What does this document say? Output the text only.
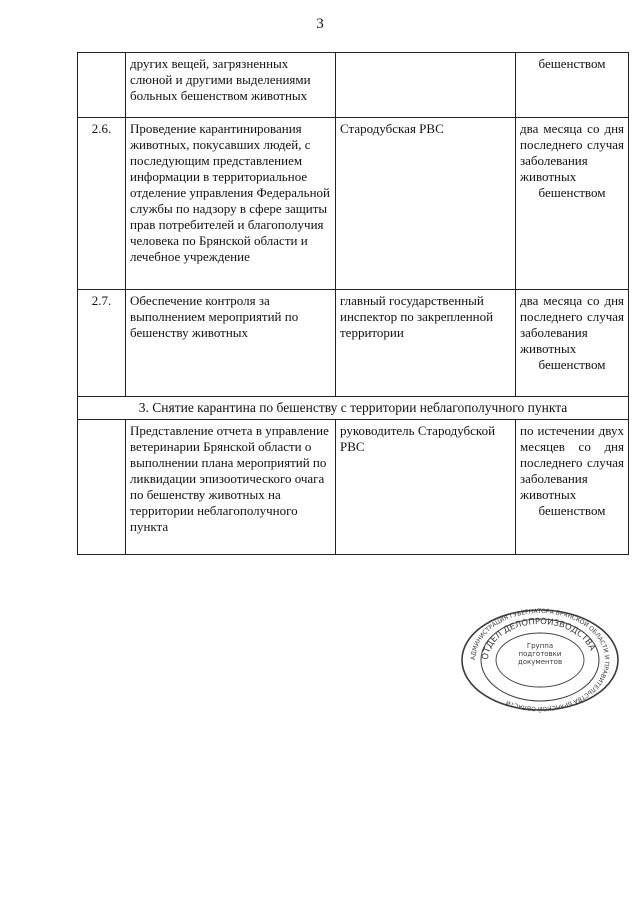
3
	других вещей, загрязненных слюной и другими выделениями больных бешенством животных		бешенством
2.6.	Проведение карантинирования животных, покусавших людей, с последующим представлением информации в территориальное отделение управления Федеральной службы по надзору в сфере защиты прав потребителей и благополучия человека по Брянской области и лечебное учреждение	Стародубская РВС	два месяца со дня последнего случая заболевания животных бешенством
2.7.	Обеспечение контроля за выполнением мероприятий по бешенству животных	главный государственный инспектор по закрепленной территории	два месяца со дня последнего случая заболевания животных бешенством
3. Снятие карантина по бешенству с территории неблагополучного пункта			
	Представление отчета в управление ветеринарии Брянской области о выполнении плана мероприятий по ликвидации эпизоотического очага по бешенству животных на территории неблагополучного пункта	руководитель Стародубской РВС	по истечении двух месяцев со дня последнего случая заболевания животных бешенством
АДМИНИСТРАЦИЯ ГУБЕРНАТОРА БРЯНСКОЙ ОБЛАСТИ И ПРАВИТЕЛЬСТВА БРЯНСКОЙ ОБЛАСТИ
ОТДЕЛ ДЕЛОПРОИЗВОДСТВА
Группа подготовки документов
